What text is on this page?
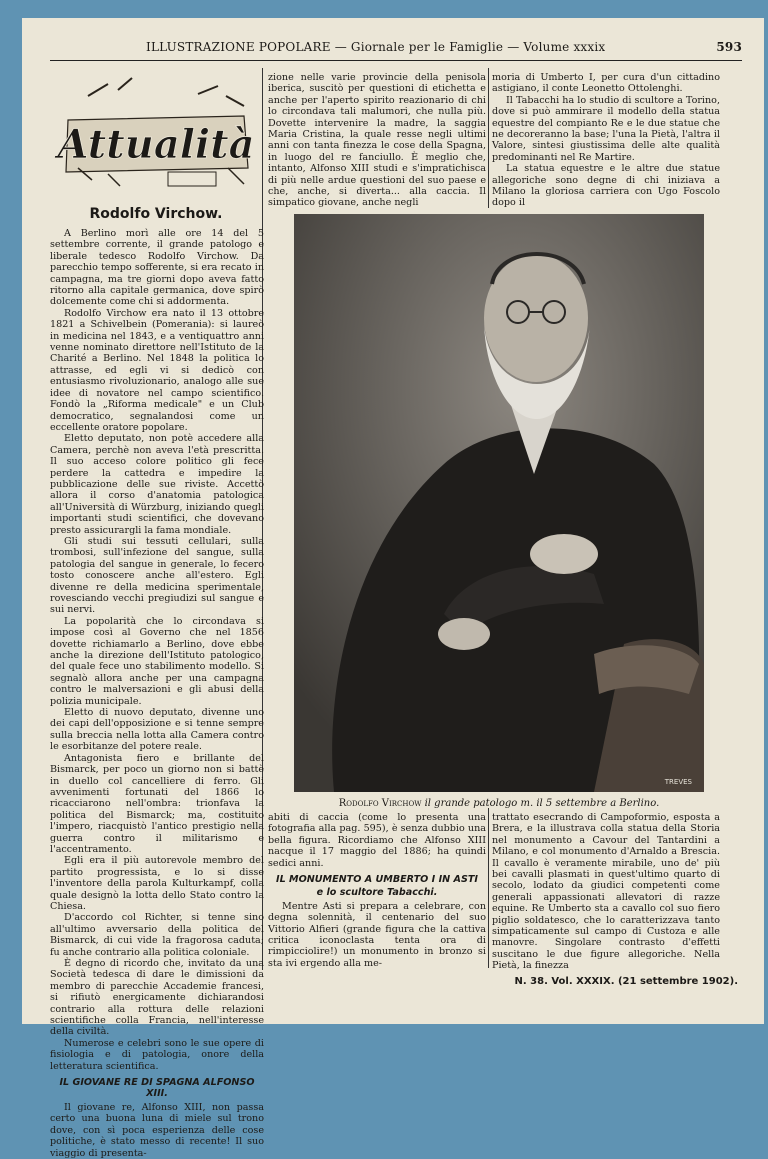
ILLUSTRAZIONE POPOLARE — Giornale per le Famiglie — Volume xxxix	593
Attualità
Rodolfo Virchow.

A Berlino morì alle ore 14 del 5 settembre corrente, il grande patologo e liberale tedesco Rodolfo Virchow. Da parecchio tempo sofferente, si era recato in campagna, ma tre giorni dopo aveva fatto ritorno alla capitale germanica, dove spirò dolcemente come chi si addormenta.

Rodolfo Virchow era nato il 13 ottobre 1821 a Schivelbein (Pomerania): si laureò in medicina nel 1843, e a ventiquattro anni venne nominato direttore nell'Istituto de la Charité a Berlino. Nel 1848 la politica lo attrasse, ed egli vi si dedicò con entusiasmo rivoluzionario, analogo alle sue idee di novatore nel campo scientifico. Fondò la „Riforma medicale" e un Club democratico, segnalandosi come un eccellente oratore popolare.

Eletto deputato, non potè accedere alla Camera, perchè non aveva l'età prescritta. Il suo acceso colore politico gli fece perdere la cattedra e impedire la pubblicazione delle sue riviste. Accettò allora il corso d'anatomia patologica all'Università di Würzburg, iniziando quegli importanti studi scientifici, che dovevano presto assicurargli la fama mondiale.

Gli studi sui tessuti cellulari, sulla trombosi, sull'infezione del sangue, sulla patologia del sangue in generale, lo fecero tosto conoscere anche all'estero. Egli divenne re della medicina sperimentale, rovesciando vecchi pregiudizi sul sangue e sui nervi.

La popolarità che lo circondava si impose così al Governo che nel 1856 dovette richiamarlo a Berlino, dove ebbe anche la direzione dell'Istituto patologico, del quale fece uno stabilimento modello. Si segnalò allora anche per una campagna contro le malversazioni e gli abusi della polizia municipale.

Eletto di nuovo deputato, divenne uno dei capi dell'opposizione e si tenne sempre sulla breccia nella lotta alla Camera contro le esorbitanze del potere reale.

Antagonista fiero e brillante del Bismarck, per poco un giorno non si battè in duello col cancelliere di ferro. Gli avvenimenti fortunati del 1866 lo ricacciarono nell'ombra: trionfava la politica del Bismarck; ma, costituito l'impero, riacquistò l'antico prestigio nella guerra contro il militarismo e l'accentramento.

Egli era il più autorevole membro del partito progressista, e lo si disse l'inventore della parola Kulturkampf, colla quale designò la lotta dello Stato contro la Chiesa.

D'accordo col Richter, si tenne sino all'ultimo avversario della politica del Bismarck, di cui vide la fragorosa caduta; fu anche contrario alla politica coloniale.

È degno di ricordo che, invitato da una Società tedesca di dare le dimissioni da membro di parecchie Accademie francesi, si rifiutò energicamente dichiarandosi contrario alla rottura delle relazioni scientifiche colla Francia, nell'interesse della civiltà.

Numerose e celebri sono le sue opere di fisiologia e di patologia, onore della letteratura scientifica.

IL GIOVANE RE DI SPAGNA ALFONSO XIII.

Il giovane re, Alfonso XIII, non passa certo una buona luna di miele sul trono dove, con sì poca esperienza delle cose politiche, è stato messo di recente! Il suo viaggio di presenta-

zione nelle varie provincie della penisola iberica, suscitò per questioni di etichetta e anche per l'aperto spirito reazionario di chi lo circondava tali malumori, che nulla più. Dovette intervenire la madre, la saggia Maria Cristina, la quale resse negli ultimi anni con tanta finezza le cose della Spagna, in luogo del re fanciullo. È meglio che, intanto, Alfonso XIII studi e s'impratichisca di più nelle ardue questioni del suo paese e che, anche, si diverta... alla caccia. Il simpatico giovane, anche negli

moria di Umberto I, per cura d'un cittadino astigiano, il conte Leonetto Ottolenghi.

Il Tabacchi ha lo studio di scultore a Torino, dove si può ammirare il modello della statua equestre del compianto Re e le due statue che ne decoreranno la base; l'una la Pietà, l'altra il Valore, sintesi giustissima delle alte qualità predominanti nel Re Martire.

La statua equestre e le altre due statue allegoriche sono degne di chi iniziava a Milano la gloriosa carriera con Ugo Foscolo dopo il

TREVES
Rodolfo Virchow il grande patologo m. il 5 settembre a Berlino.

abiti di caccia (come lo presenta una fotografia alla pag. 595), è senza dubbio una bella figura. Ricordiamo che Alfonso XIII nacque il 17 maggio del 1886; ha quindi sedici anni.

IL MONUMENTO A UMBERTO I IN ASTI
e lo scultore Tabacchi.

Mentre Asti si prepara a celebrare, con degna solennità, il centenario del suo Vittorio Alfieri (grande figura che la cattiva critica iconoclasta tenta ora di rimpicciolire!) un monumento in bronzo si sta ivi ergendo alla me-

trattato esecrando di Campoformio, esposta a Brera, e la illustrava colla statua della Storia nel monumento a Cavour del Tantardini a Milano, e col monumento d'Arnaldo a Brescia. Il cavallo è veramente mirabile, uno de' più bei cavalli plasmati in quest'ultimo quarto di secolo, lodato da giudici competenti come generali appassionati allevatori di razze equine. Re Umberto sta a cavallo col suo fiero piglio soldatesco, che lo caratterizzava tanto simpaticamente sul campo di Custoza e alle manovre. Singolare contrasto d'effetti suscitano le due figure allegoriche. Nella Pietà, la finezza

N. 38. Vol. XXXIX. (21 settembre 1902).
